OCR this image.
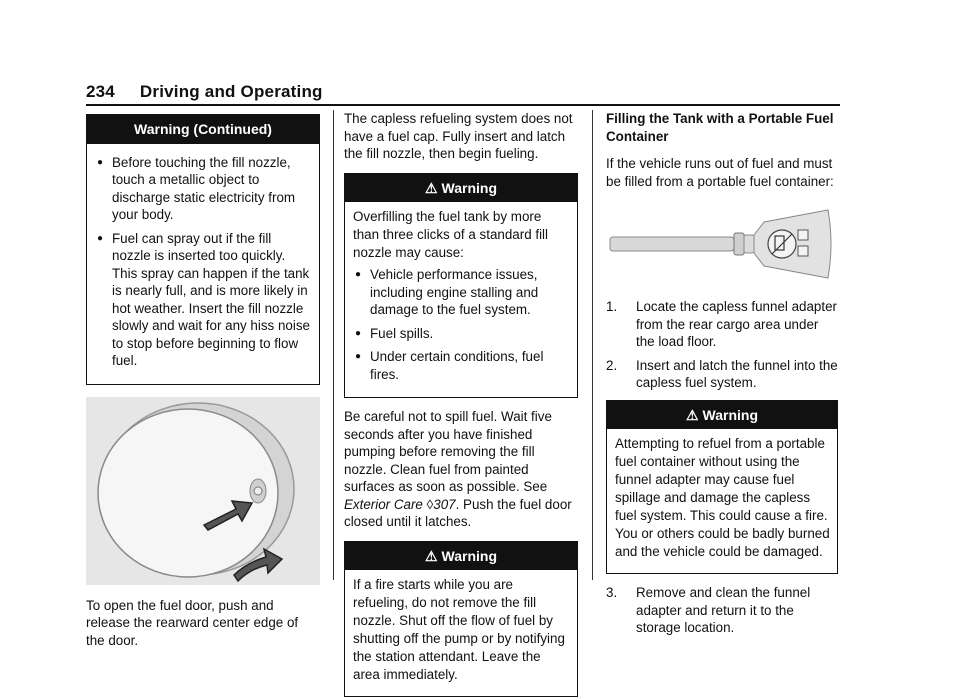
234 Driving and Operating
Warning (Continued)
● Before touching the fill nozzle, touch a metallic object to discharge static electricity from your body.
● Fuel can spray out if the fill nozzle is inserted too quickly. This spray can happen if the tank is nearly full, and is more likely in hot weather. Insert the fill nozzle slowly and wait for any hiss noise to stop before beginning to flow fuel.

To open the fuel door, push and release the rearward center edge of the door.

The capless refueling system does not have a fuel cap. Fully insert and latch the fill nozzle, then begin fueling.

⚠ Warning

Overfilling the fuel tank by more than three clicks of a standard fill nozzle may cause:

● Vehicle performance issues, including engine stalling and damage to the fuel system.
● Fuel spills.
● Under certain conditions, fuel fires.

Be careful not to spill fuel. Wait five seconds after you have finished pumping before removing the fill nozzle. Clean fuel from painted surfaces as soon as possible. See Exterior Care ◊307. Push the fuel door closed until it latches.

⚠ Warning

If a fire starts while you are refueling, do not remove the fill nozzle. Shut off the flow of fuel by shutting off the pump or by notifying the station attendant. Leave the area immediately.

Filling the Tank with a Portable Fuel Container

If the vehicle runs out of fuel and must be filled from a portable fuel container:

1. Locate the capless funnel adapter from the rear cargo area under the load floor.
2. Insert and latch the funnel into the capless fuel system.
⚠ Warning

Attempting to refuel from a portable fuel container without using the funnel adapter may cause fuel spillage and damage the capless fuel system. This could cause a fire. You or others could be badly burned and the vehicle could be damaged.

3. Remove and clean the funnel adapter and return it to the storage location.
